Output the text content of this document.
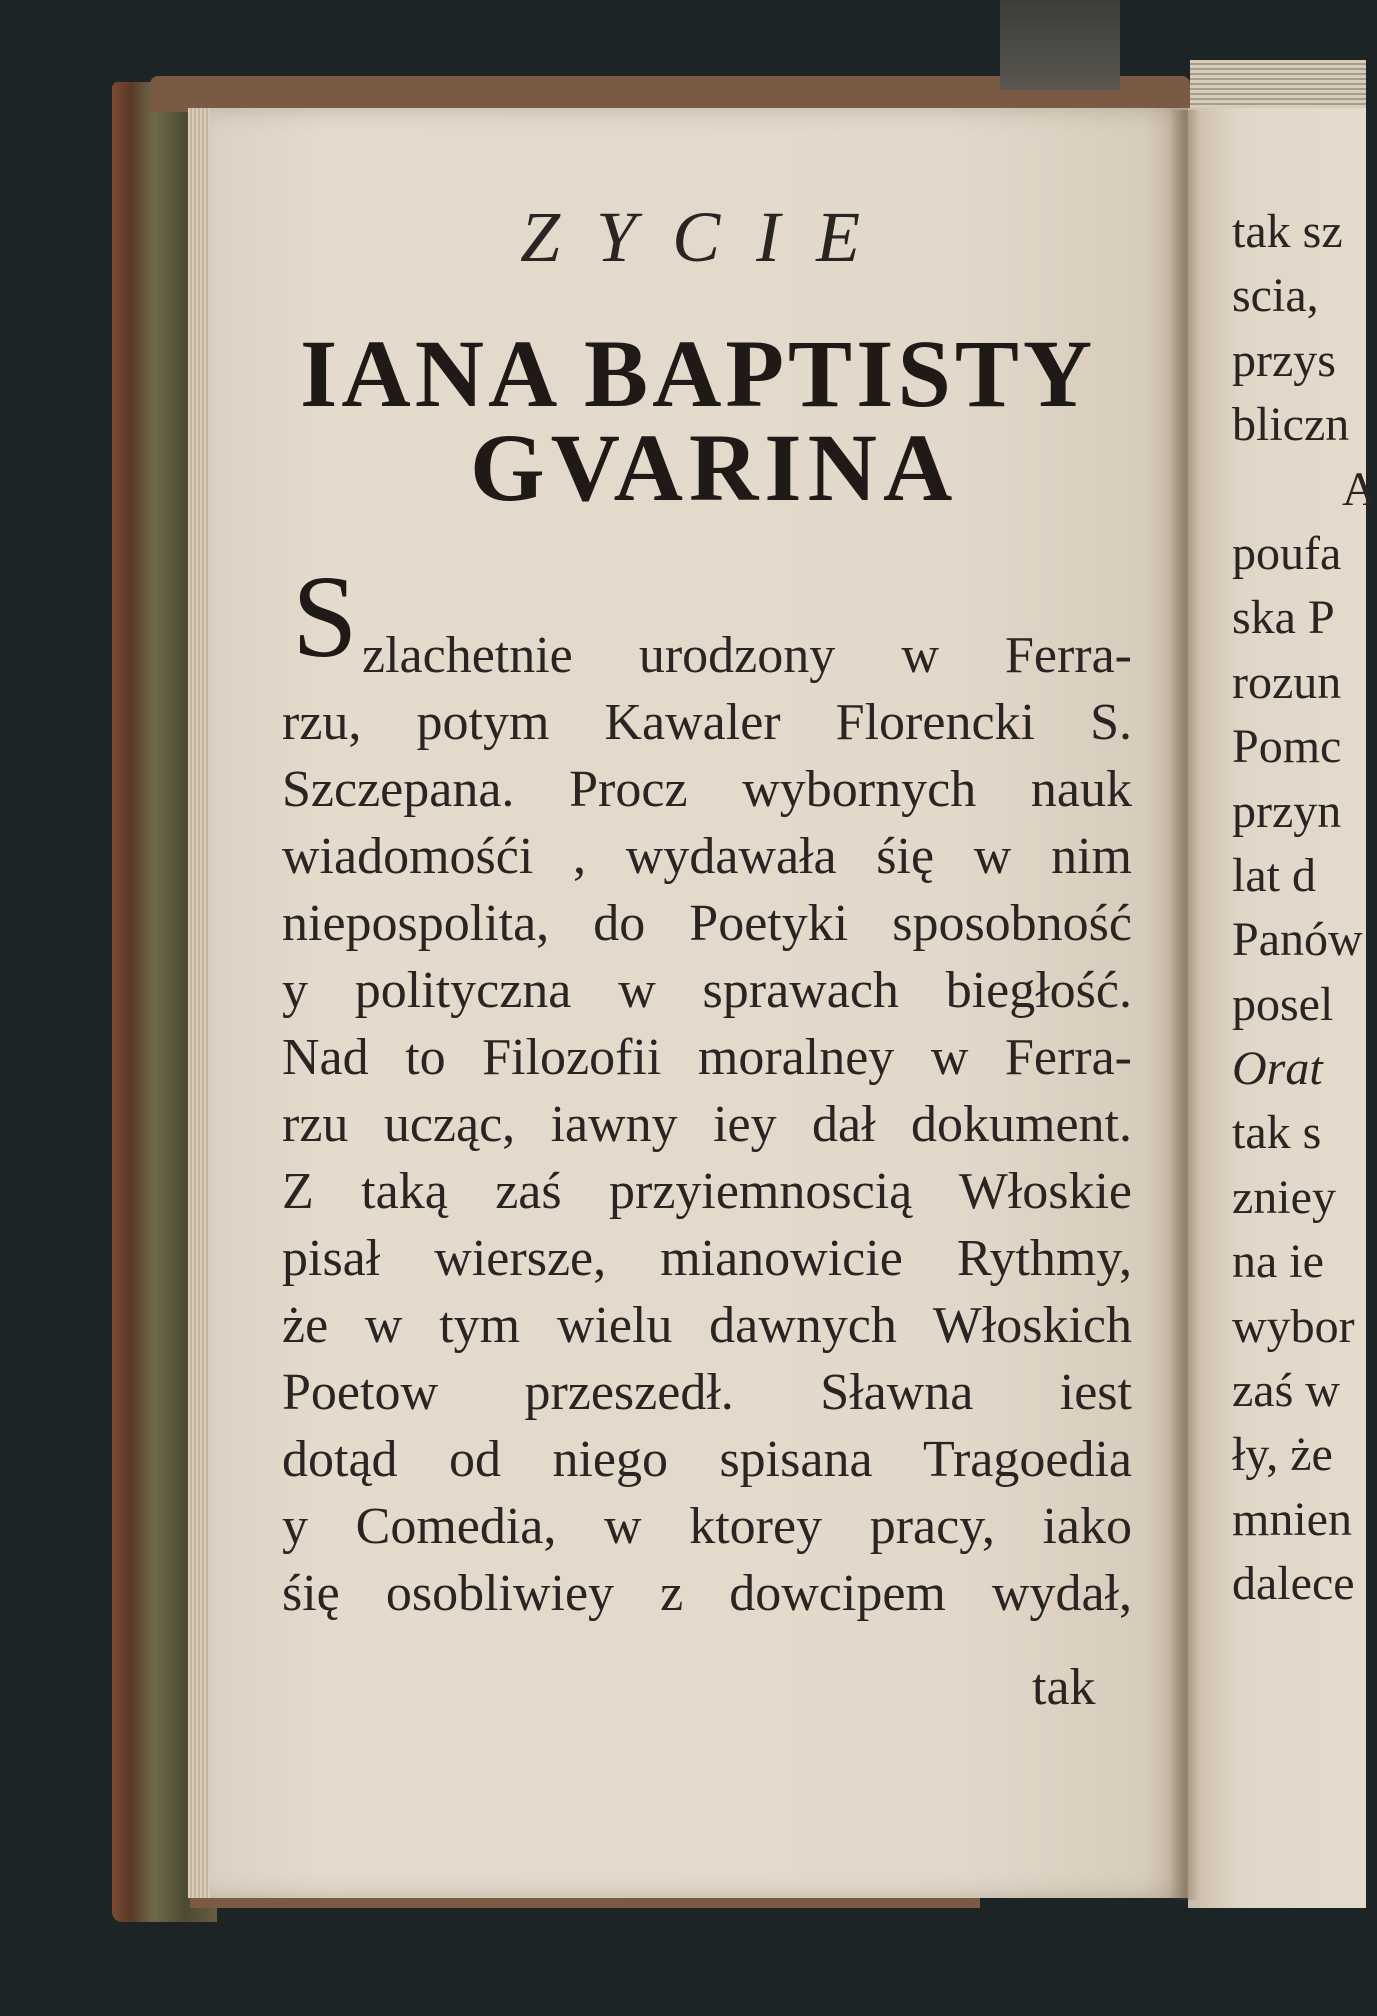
ZYCIE
IANA BAPTISTY
GVARINA
S zlachetnie urodzony w Ferra-
rzu, potym Kawaler Florencki S.
Szczepana. Procz wybornych nauk
wiadomośći , wydawała śię w nim
niepospolita, do Poetyki sposobność
y polityczna w sprawach biegłość.
Nad to Filozofii moralney w Ferra-
rzu ucząc, iawny iey dał dokument.
Z taką zaś przyiemnoscią Włoskie
pisał wiersze, mianowicie Rythmy,
że w tym wielu dawnych Włoskich
Poetow przeszedł. Sławna iest
dotąd od niego spisana Tragoedia
y Comedia, w ktorey pracy, iako
śię osobliwiey z dowcipem wydał,
tak
tak sz
scia,
przys
bliczn
A
poufa
ska P
rozun
Pomc
przyn
lat d
Panów
posel
Orat
tak s
zniey
na ie
wybor
zaś w
ły, że
mnien
dalece
